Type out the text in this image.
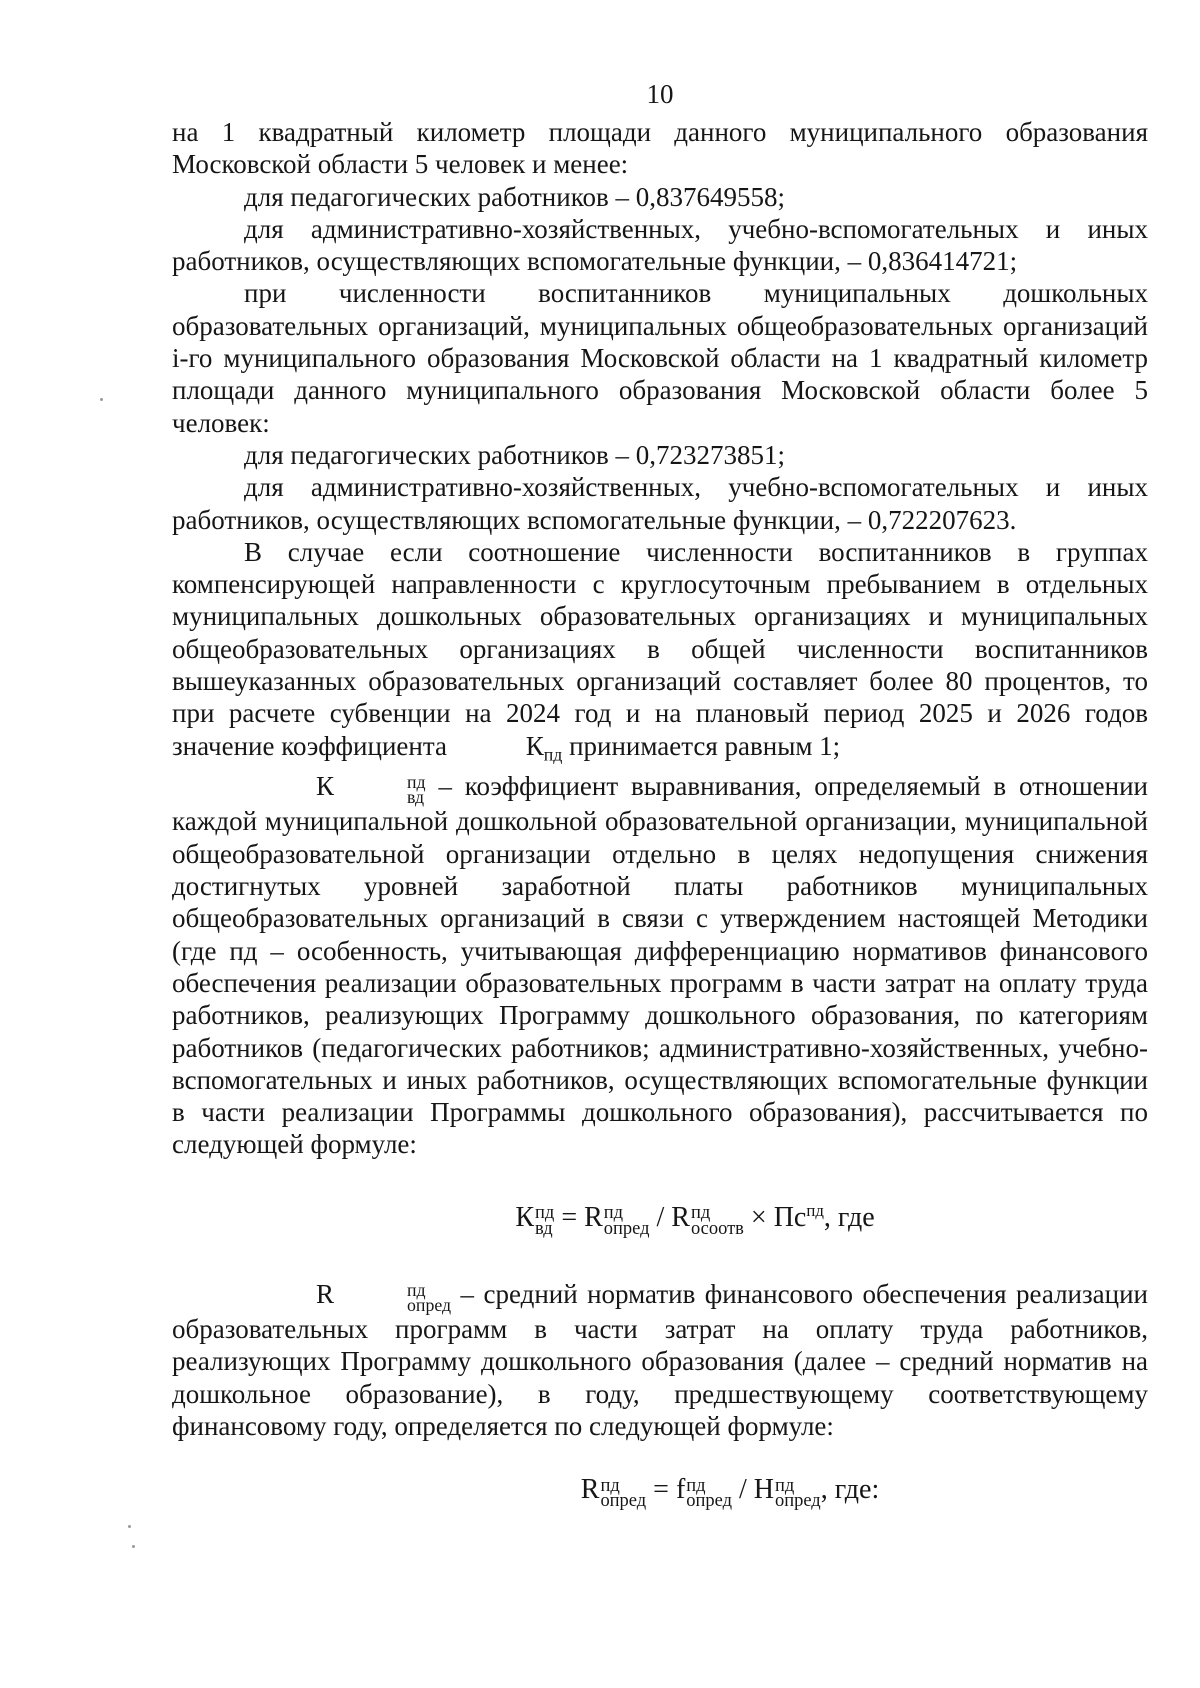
10

на 1 квадратный километр площади данного муниципального образования Московской области 5 человек и менее:

для педагогических работников – 0,837649558;

для административно-хозяйственных, учебно-вспомогательных и иных работников, осуществляющих вспомогательные функции, – 0,836414721;

при численности воспитанников муниципальных дошкольных образовательных организаций, муниципальных общеобразовательных организаций i-го муниципального образования Московской области на 1 квадратный километр площади данного муниципального образования Московской области более 5 человек:

для педагогических работников – 0,723273851;

для административно-хозяйственных, учебно-вспомогательных и иных работников, осуществляющих вспомогательные функции, – 0,722207623.

В случае если соотношение численности воспитанников в группах компенсирующей направленности с круглосуточным пребыванием в отдельных муниципальных дошкольных образовательных организациях и муниципальных общеобразовательных организациях в общей численности воспитанников вышеуказанных образовательных организаций составляет более 80 процентов, то при расчете субвенции на 2024 год и на плановый период 2025 и 2026 годов значение коэффициента	Кпд принимается равным 1;

К	пд
вд – коэффициент выравнивания, определяемый в отношении каждой муниципальной дошкольной образовательной организации, муниципальной общеобразовательной организации отдельно в целях недопущения снижения достигнутых уровней заработной платы работников муниципальных общеобразовательных организаций в связи с утверждением настоящей Методики (где пд – особенность, учитывающая дифференциацию нормативов финансового обеспечения реализации образовательных программ в части затрат на оплату труда работников, реализующих Программу дошкольного образования, по категориям работников (педагогических работников; административно-хозяйственных, учебно-вспомогательных и иных работников, осуществляющих вспомогательные функции в части реализации Программы дошкольного образования), рассчитывается по следующей формуле:

К пд
вд = R пд
опред / R пд
осоотв × $Пс^{пд}$, где

R	пд
опред – средний норматив финансового обеспечения реализации образовательных программ в части затрат на оплату труда работников, реализующих Программу дошкольного образования (далее – средний норматив на дошкольное образование), в году, предшествующему соответствующему финансовому году, определяется по следующей формуле:

R пд
опред = f пд
опред / Н пд
опред , где:
